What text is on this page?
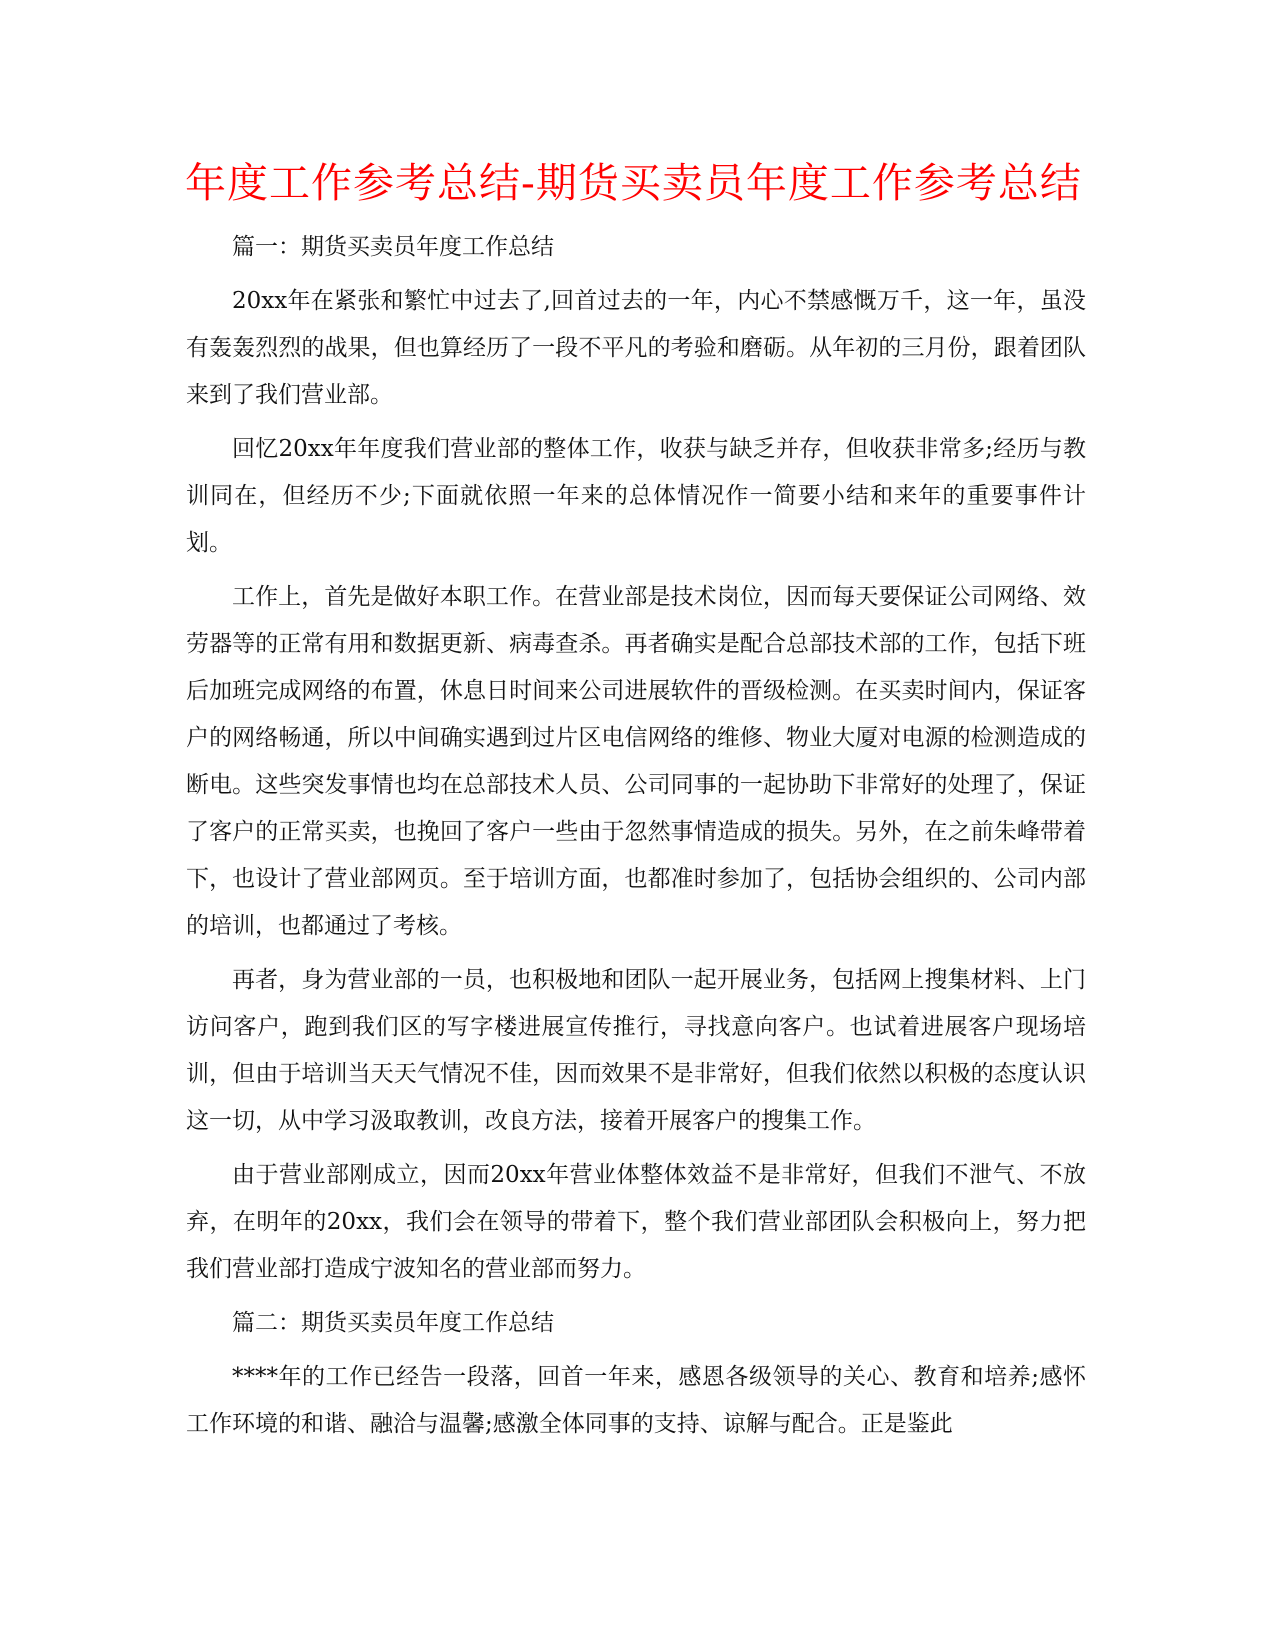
年度工作参考总结-期货买卖员年度工作参考总结

篇一：期货买卖员年度工作总结

20xx年在紧张和繁忙中过去了,回首过去的一年，内心不禁感慨万千，这一年，虽没有轰轰烈烈的战果，但也算经历了一段不平凡的考验和磨砺。从年初的三月份，跟着团队来到了我们营业部。

回忆20xx年年度我们营业部的整体工作，收获与缺乏并存，但收获非常多;经历与教训同在，但经历不少;下面就依照一年来的总体情况作一简要小结和来年的重要事件计划。

工作上，首先是做好本职工作。在营业部是技术岗位，因而每天要保证公司网络、效劳器等的正常有用和数据更新、病毒查杀。再者确实是配合总部技术部的工作，包括下班后加班完成网络的布置，休息日时间来公司进展软件的晋级检测。在买卖时间内，保证客户的网络畅通，所以中间确实遇到过片区电信网络的维修、物业大厦对电源的检测造成的断电。这些突发事情也均在总部技术人员、公司同事的一起协助下非常好的处理了，保证了客户的正常买卖，也挽回了客户一些由于忽然事情造成的损失。另外，在之前朱峰带着下，也设计了营业部网页。至于培训方面，也都准时参加了，包括协会组织的、公司内部的培训，也都通过了考核。

再者，身为营业部的一员，也积极地和团队一起开展业务，包括网上搜集材料、上门访问客户，跑到我们区的写字楼进展宣传推行，寻找意向客户。也试着进展客户现场培训，但由于培训当天天气情况不佳，因而效果不是非常好，但我们依然以积极的态度认识这一切，从中学习汲取教训，改良方法，接着开展客户的搜集工作。

由于营业部刚成立，因而20xx年营业体整体效益不是非常好，但我们不泄气、不放弃，在明年的20xx，我们会在领导的带着下，整个我们营业部团队会积极向上，努力把我们营业部打造成宁波知名的营业部而努力。

篇二：期货买卖员年度工作总结

****年的工作已经告一段落，回首一年来，感恩各级领导的关心、教育和培养;感怀工作环境的和谐、融洽与温馨;感激全体同事的支持、谅解与配合。正是鉴此
